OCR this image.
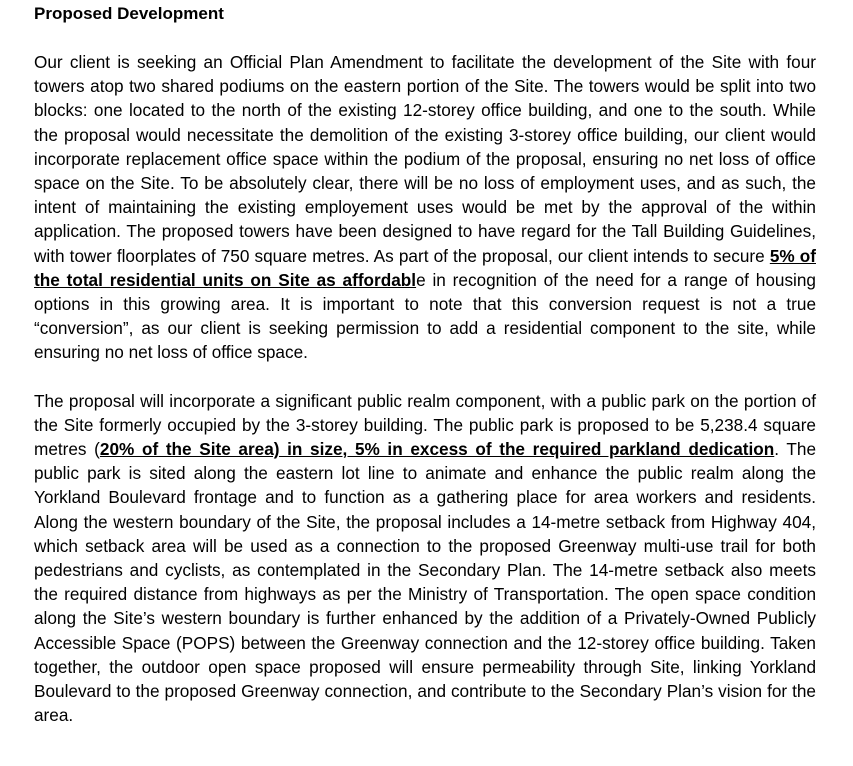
Proposed Development

Our client is seeking an Official Plan Amendment to facilitate the development of the Site with four towers atop two shared podiums on the eastern portion of the Site. The towers would be split into two blocks: one located to the north of the existing 12-storey office building, and one to the south. While the proposal would necessitate the demolition of the existing 3-storey office building, our client would incorporate replacement office space within the podium of the proposal, ensuring no net loss of office space on the Site. To be absolutely clear, there will be no loss of employment uses, and as such, the intent of maintaining the existing employement uses would be met by the approval of the within application. The proposed towers have been designed to have regard for the Tall Building Guidelines, with tower floorplates of 750 square metres. As part of the proposal, our client intends to secure 5% of the total residential units on Site as affordable in recognition of the need for a range of housing options in this growing area. It is important to note that this conversion request is not a true “conversion”, as our client is seeking permission to add a residential component to the site, while ensuring no net loss of office space.

The proposal will incorporate a significant public realm component, with a public park on the portion of the Site formerly occupied by the 3-storey building. The public park is proposed to be 5,238.4 square metres (20% of the Site area) in size, 5% in excess of the required parkland dedication. The public park is sited along the eastern lot line to animate and enhance the public realm along the Yorkland Boulevard frontage and to function as a gathering place for area workers and residents. Along the western boundary of the Site, the proposal includes a 14-metre setback from Highway 404, which setback area will be used as a connection to the proposed Greenway multi-use trail for both pedestrians and cyclists, as contemplated in the Secondary Plan. The 14-metre setback also meets the required distance from highways as per the Ministry of Transportation. The open space condition along the Site’s western boundary is further enhanced by the addition of a Privately-Owned Publicly Accessible Space (POPS) between the Greenway connection and the 12-storey office building. Taken together, the outdoor open space proposed will ensure permeability through Site, linking Yorkland Boulevard to the proposed Greenway connection, and contribute to the Secondary Plan’s vision for the area.
